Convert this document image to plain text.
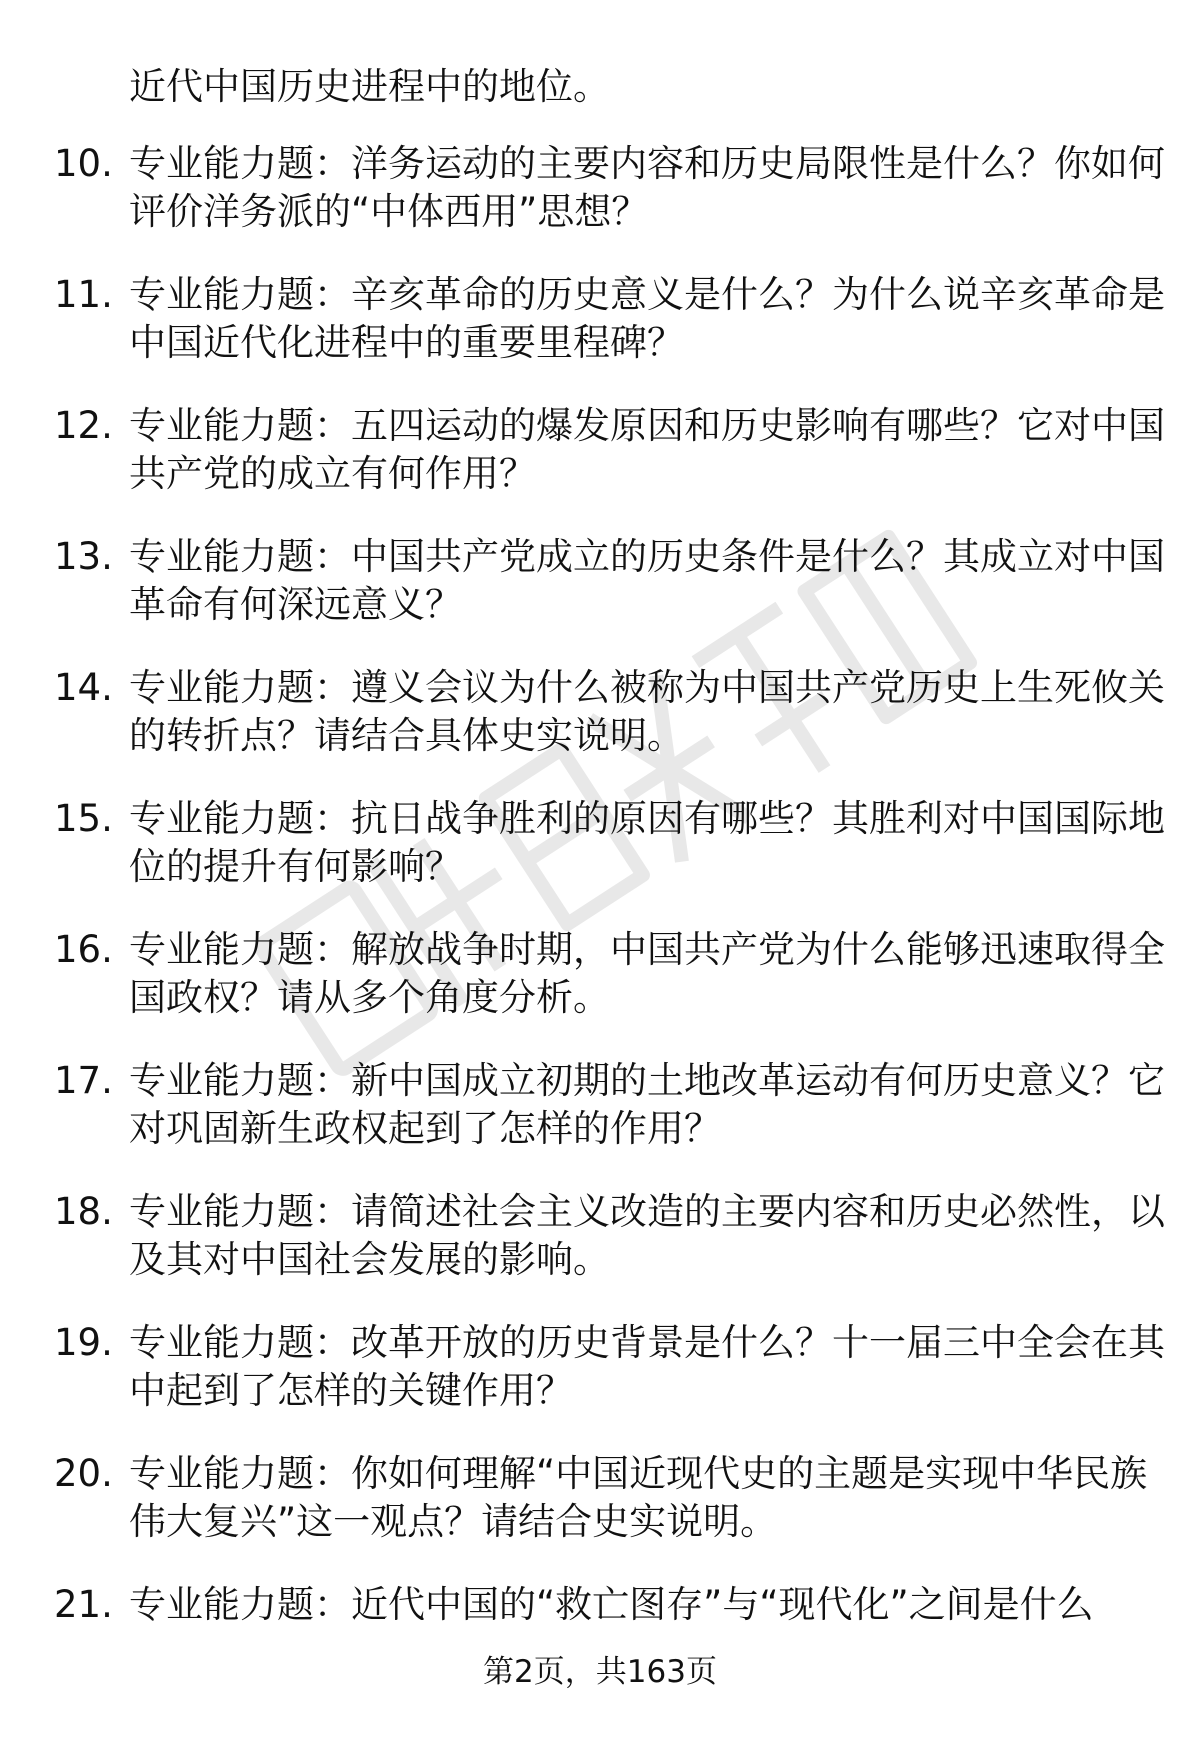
近代中国历史进程中的地位。
10. 专业能力题：洋务运动的主要内容和历史局限性是什么？你如何
评价洋务派的“中体西用”思想？
11. 专业能力题：辛亥革命的历史意义是什么？为什么说辛亥革命是
中国近代化进程中的重要里程碑？
12. 专业能力题：五四运动的爆发原因和历史影响有哪些？它对中国
共产党的成立有何作用？
13. 专业能力题：中国共产党成立的历史条件是什么？其成立对中国
革命有何深远意义？
14. 专业能力题：遵义会议为什么被称为中国共产党历史上生死攸关
的转折点？请结合具体史实说明。
15. 专业能力题：抗日战争胜利的原因有哪些？其胜利对中国国际地
位的提升有何影响？
16. 专业能力题：解放战争时期，中国共产党为什么能够迅速取得全
国政权？请从多个角度分析。
17. 专业能力题：新中国成立初期的土地改革运动有何历史意义？它
对巩固新生政权起到了怎样的作用？
18. 专业能力题：请简述社会主义改造的主要内容和历史必然性，以
及其对中国社会发展的影响。
19. 专业能力题：改革开放的历史背景是什么？十一届三中全会在其
中起到了怎样的关键作用？
20. 专业能力题：你如何理解“中国近现代史的主题是实现中华民族
伟大复兴”这一观点？请结合史实说明。
21. 专业能力题：近代中国的“救亡图存”与“现代化”之间是什么
第2页，共163页
